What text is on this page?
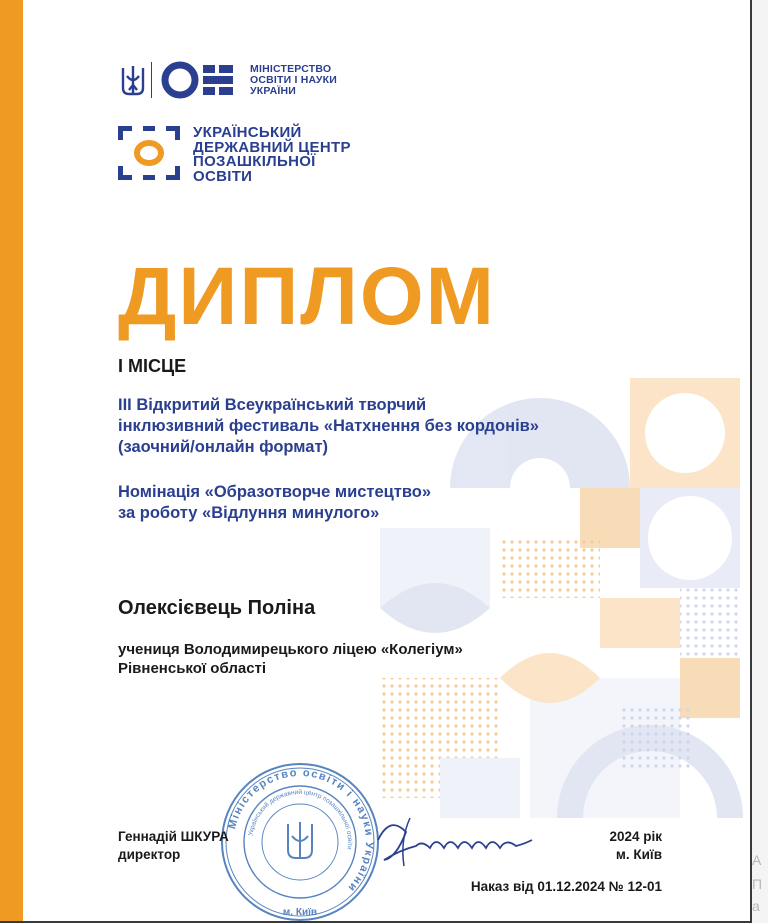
МІНІСТЕРСТВО
ОСВІТИ І НАУКИ
УКРАЇНИ
УКРАЇНСЬКИЙ
ДЕРЖАВНИЙ ЦЕНТР
ПОЗАШКІЛЬНОЇ
ОСВІТИ
ДИПЛОМ
І МІСЦЕ
ІІІ Відкритий Всеукраїнський творчий
інклюзивний фестиваль «Натхнення без кордонів»
(заочний/онлайн формат)
Номінація «Образотворче мистецтво»
за роботу «Відлуння минулого»
Олексієвець Поліна
учениця Володимирецького ліцею «Колегіум»
Рівненської області
Міністерство освіти і науки України
Український державний центр позашкільної освіти
м. Київ
Геннадій ШКУРА
директор
2024 рік
м. Київ
Наказ від 01.12.2024 № 12-01
А
П
а
